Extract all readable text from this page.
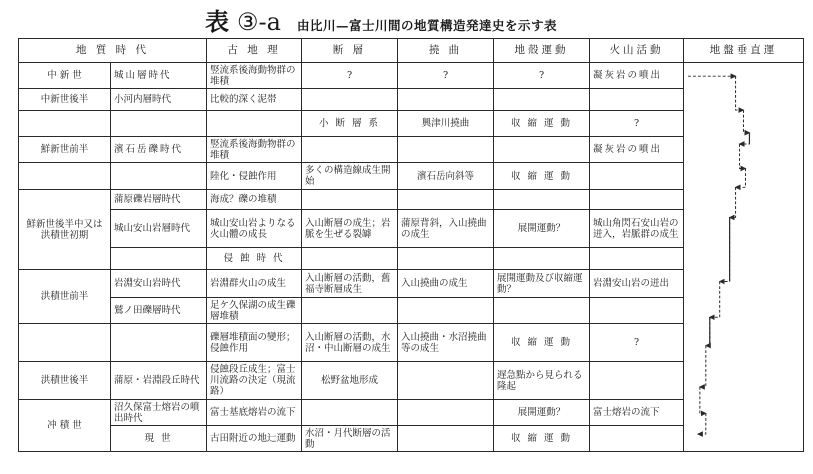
表 ③-a 由比川—富士川間の地質構造発達史を示す表
地 質 時 代		古 地 理	断 層	撓 曲	地殻運動	火山活動	地盤垂直運
中 新 世	城山層時代	竪流系後海動物群の堆積	?	?	?	凝灰岩の噴出	

中新世後半	小河内層時代	比較的深く泥帯					
			小 断 層 系	興津川撓曲	収 縮 運 動	?	
鮮新世前半	濱石岳礫時代	竪流系後海動物群の堆積				凝灰岩の噴出	
		陸化・侵蝕作用	多くの構造線成生開始	濱石岳向斜等	収 縮 運 動		
鮮新世後半中又は洪積世初期	蒲原礫岩層時代	海成？礫の堆積					
	城山安山岩層時代	城山安山岩よりなる火山體の成長	入山断層の成生；岩脈を生ぜる裂罅	蒲原背斜，入山撓曲の成生	展開運動？	城山角閃石安山岩の迸入，岩脈群の成生	
		侵 蝕 時 代					
洪積世前半	岩淵安山岩時代	岩淵群火山の成生	入山断層の活動，舊福寺断層成生	入山撓曲の成生	展開運動及び収縮運動？	岩淵安山岩の迸出	
	鷲ノ田礫層時代	足ケ久保湖の成生礫層堆積					
		礫層堆積面の變形；侵蝕作用	入山断層の活動，水沼・中山断層の成生	入山撓曲・水沼撓曲等の成生	収 縮 運 動	?	
洪積世後半	蒲原・岩淵段丘時代	侵蝕段丘成生；富士川流路の決定（現流路）	松野盆地形成		遅急點から見られる隆起		
冲 積 世	沼久保富士熔岩の噴出時代	富士基底熔岩の流下			展開運動？	富士熔岩の流下	
	現 世	古田附近の地辷運動	水沼・月代断層の活動		収 縮 運 動		
